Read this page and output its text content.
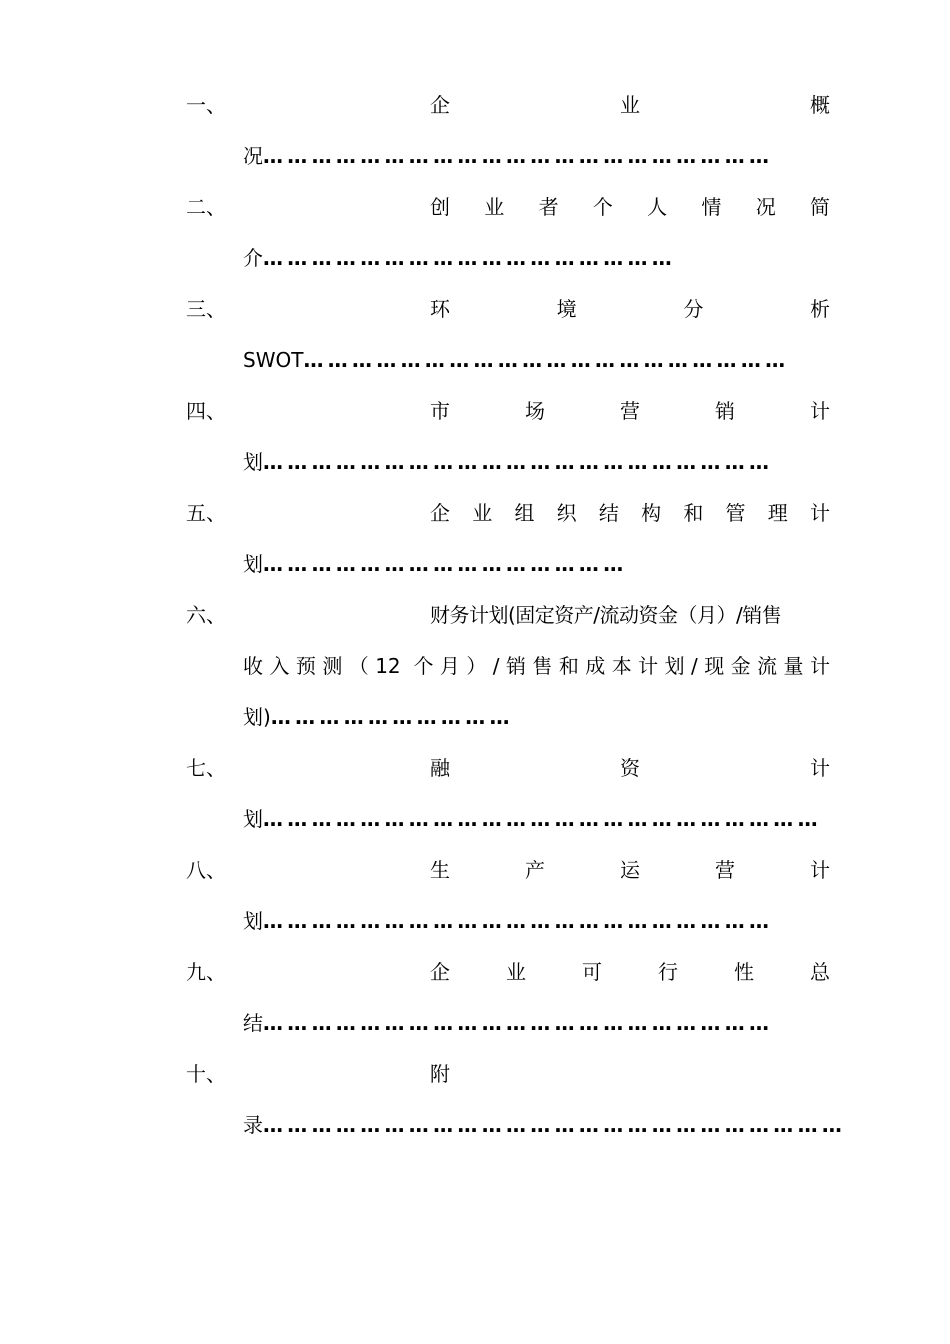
一、	企业概
况………………………………………………………
二、	创业者个人情况简
介……………………………………………
三、	环境分析
SWOT……………………………………………………
四、	市场营销计
划………………………………………………………
五、	企业组织结构和管理计
划………………………………………
六、	财务计划(固定资产/流动资金（月）/销售
收入预测（12 个月）/销售和成本计划/现金流量计
划)…………………………
七、	融资计
划……………………………………………………………
八、	生产运营计
划………………………………………………………
九、	企业可行性总
结………………………………………………………
十、	附
录………………………………………………………………
